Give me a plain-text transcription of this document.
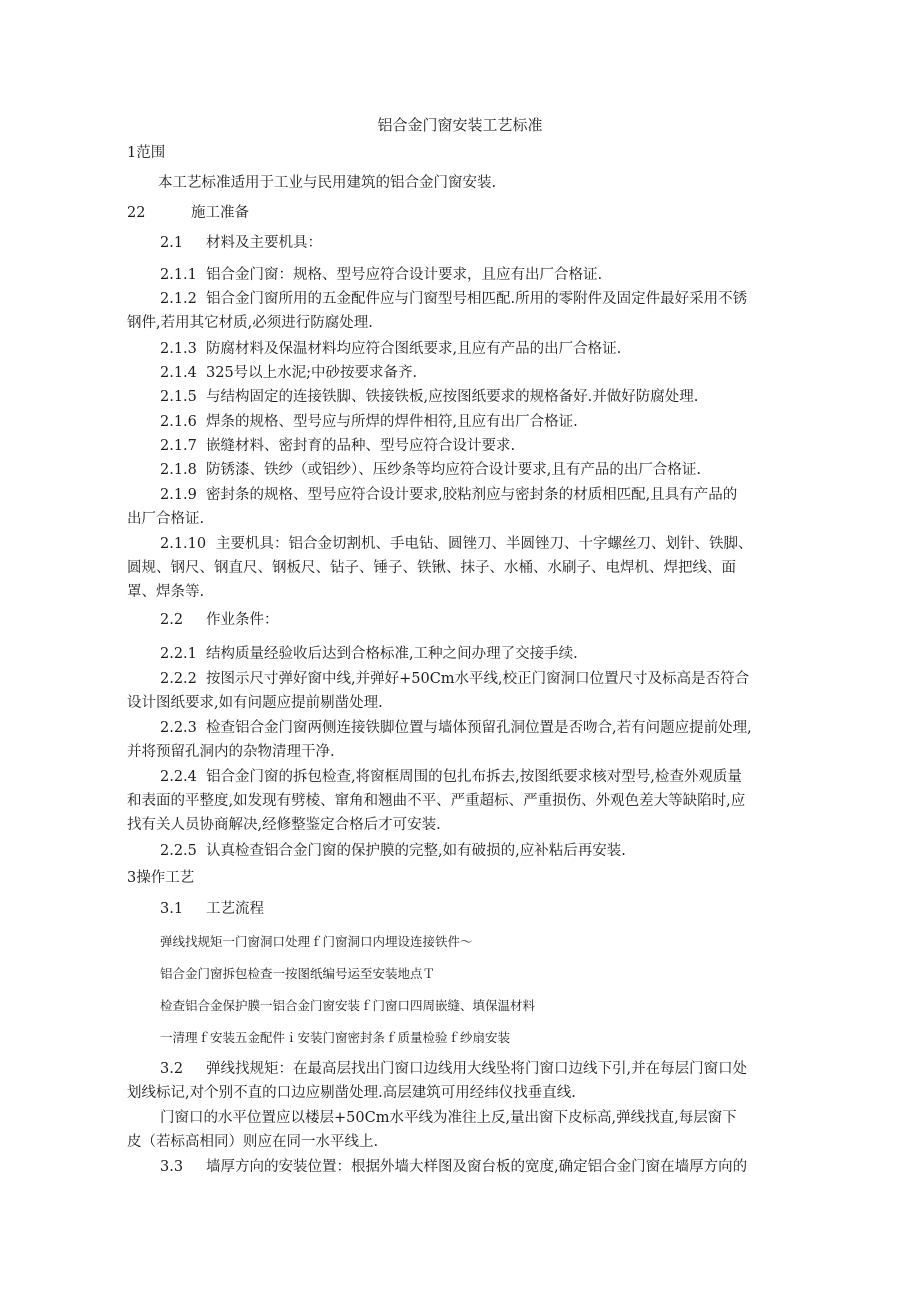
铝合金门窗安装工艺标准
1范围
本工艺标准适用于工业与民用建筑的铝合金门窗安装.
22	施工准备
2.1 材料及主要机具：
2.1.1 铝合金门窗：规格、型号应符合设计要求，且应有出厂合格证.
2.1.2 铝合金门窗所用的五金配件应与门窗型号相匹配.所用的零附件及固定件最好采用不锈
钢件,若用其它材质,必须进行防腐处理.
2.1.3 防腐材料及保温材料均应符合图纸要求,且应有产品的出厂合格证.
2.1.4 325号以上水泥;中砂按要求备齐.
2.1.5 与结构固定的连接铁脚、铁接铁板,应按图纸要求的规格备好.并做好防腐处理.
2.1.6 焊条的规格、型号应与所焊的焊件相符,且应有出厂合格证.
2.1.7 嵌缝材料、密封育的品种、型号应符合设计要求.
2.1.8 防锈漆、铁纱（或铝纱）、压纱条等均应符合设计要求,且有产品的出厂合格证.
2.1.9 密封条的规格、型号应符合设计要求,胶粘剂应与密封条的材质相匹配,且具有产品的
出厂合格证.
2.1.10 主要机具：铝合金切割机、手电钻、圆锉刀、半圆锉刀、十字螺丝刀、划针、铁脚、
圆规、钢尺、钢直尺、钢板尺、钻子、锤子、铁锹、抹子、水桶、水刷子、电焊机、焊把线、面
罩、焊条等.
2.2 作业条件：
2.2.1 结构质量经验收后达到合格标准,工种之间办理了交接手续.
2.2.2 按图示尺寸弹好窗中线,并弹好+50Cm水平线,校正门窗洞口位置尺寸及标高是否符合
设计图纸要求,如有问题应提前剔凿处理.
2.2.3 检查铝合金门窗两侧连接铁脚位置与墙体预留孔洞位置是否吻合,若有问题应提前处理,
并将预留孔洞内的杂物清理干净.
2.2.4 铝合金门窗的拆包检查,将窗框周围的包扎布拆去,按图纸要求核对型号,检查外观质量
和表面的平整度,如发现有劈棱、窜角和翘曲不平、严重超标、严重损伤、外观色差大等缺陷时,应
找有关人员协商解决,经修整鉴定合格后才可安装.
2.2.5 认真检查铝合金门窗的保护膜的完整,如有破损的,应补粘后再安装.
3操作工艺
3.1 工艺流程
弹线找规矩一门窗洞口处理ｆ门窗洞口内埋设连接铁件～
铝合金门窗拆包检查一按图纸编号运至安装地点Ｔ
检查铝合金保护膜一铝合金门窗安装ｆ门窗口四周嵌缝、填保温材料
一清理ｆ安装五金配件ｉ安装门窗密封条ｆ质量检验ｆ纱扇安装
3.2 弹线找规矩：在最高层找出门窗口边线用大线坠将门窗口边线下引,并在每层门窗口处
划线标记,对个别不直的口边应剔凿处理.高层建筑可用经纬仪找垂直线.
门窗口的水平位置应以楼层+50Cm水平线为准往上反,量出窗下皮标高,弹线找直,每层窗下
皮（若标高相同）则应在同一水平线上.
3.3 墙厚方向的安装位置：根据外墙大样图及窗台板的宽度,确定铝合金门窗在墙厚方向的
